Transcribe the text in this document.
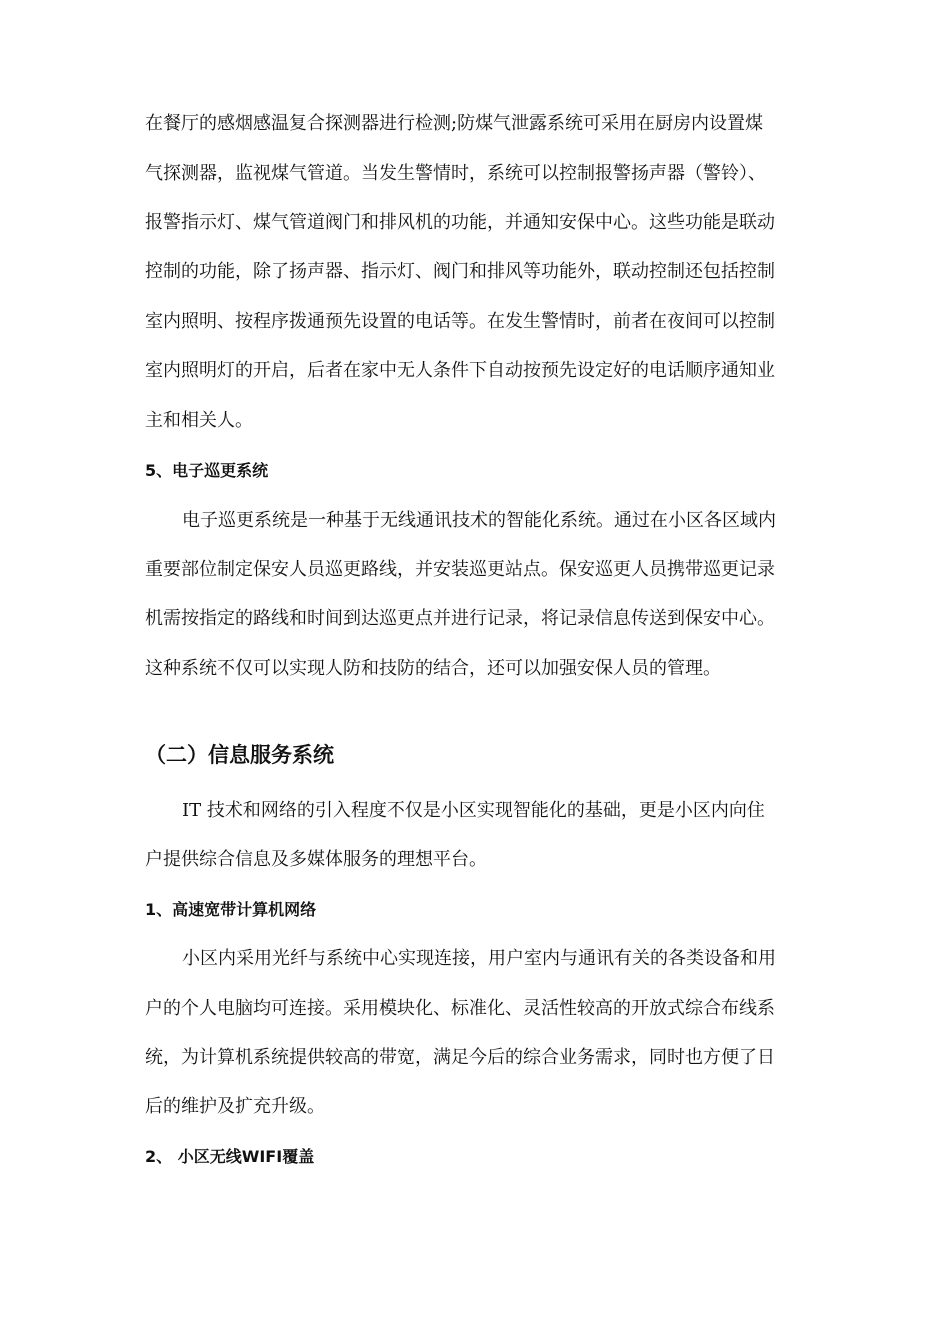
在餐厅的感烟感温复合探测器进行检测;防煤气泄露系统可采用在厨房内设置煤
气探测器，监视煤气管道。当发生警情时，系统可以控制报警扬声器（警铃）、
报警指示灯、煤气管道阀门和排风机的功能，并通知安保中心。这些功能是联动
控制的功能，除了扬声器、指示灯、阀门和排风等功能外，联动控制还包括控制
室内照明、按程序拨通预先设置的电话等。在发生警情时，前者在夜间可以控制
室内照明灯的开启，后者在家中无人条件下自动按预先设定好的电话顺序通知业
主和相关人。
5、电子巡更系统
电子巡更系统是一种基于无线通讯技术的智能化系统。通过在小区各区域内
重要部位制定保安人员巡更路线，并安装巡更站点。保安巡更人员携带巡更记录
机需按指定的路线和时间到达巡更点并进行记录，将记录信息传送到保安中心。
这种系统不仅可以实现人防和技防的结合，还可以加强安保人员的管理。
（二）信息服务系统
IT 技术和网络的引入程度不仅是小区实现智能化的基础，更是小区内向住
户提供综合信息及多媒体服务的理想平台。
1、高速宽带计算机网络
小区内采用光纤与系统中心实现连接，用户室内与通讯有关的各类设备和用
户的个人电脑均可连接。采用模块化、标准化、灵活性较高的开放式综合布线系
统，为计算机系统提供较高的带宽，满足今后的综合业务需求，同时也方便了日
后的维护及扩充升级。
2、 小区无线WIFI覆盖
